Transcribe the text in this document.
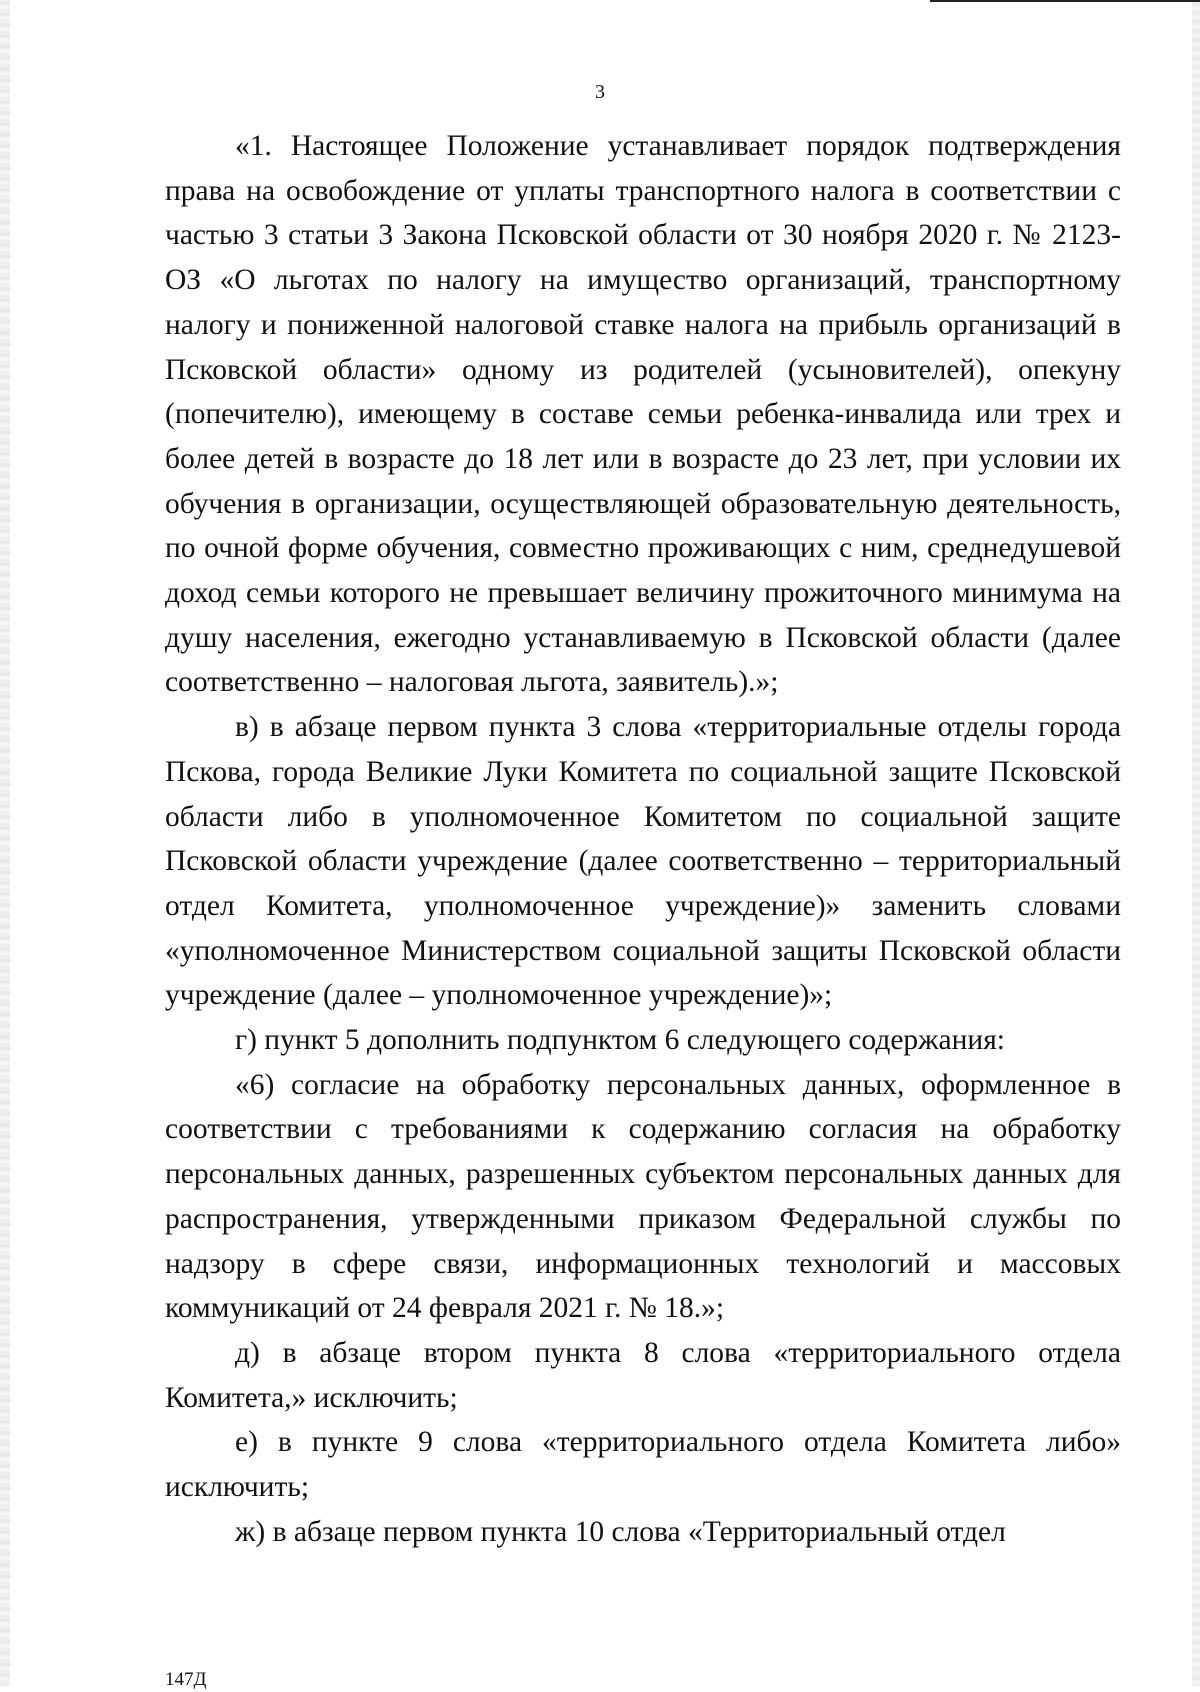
3

«1. Настоящее Положение устанавливает порядок подтверждения права на освобождение от уплаты транспортного налога в соответствии с частью 3 статьи 3 Закона Псковской области от 30 ноября 2020 г. № 2123-ОЗ «О льготах по налогу на имущество организаций, транспортному налогу и пониженной налоговой ставке налога на прибыль организаций в Псковской области» одному из родителей (усыновителей), опекуну (попечителю), имеющему в составе семьи ребенка-инвалида или трех и более детей в возрасте до 18 лет или в возрасте до 23 лет, при условии их обучения в организации, осуществляющей образовательную деятельность, по очной форме обучения, совместно проживающих с ним, среднедушевой доход семьи которого не превышает величину прожиточного минимума на душу населения, ежегодно устанавливаемую в Псковской области (далее соответственно – налоговая льгота, заявитель).»;

в) в абзаце первом пункта 3 слова «территориальные отделы города Пскова, города Великие Луки Комитета по социальной защите Псковской области либо в уполномоченное Комитетом по социальной защите Псковской области учреждение (далее соответственно – территориальный отдел Комитета, уполномоченное учреждение)» заменить словами «уполномоченное Министерством социальной защиты Псковской области учреждение (далее – уполномоченное учреждение)»;

г) пункт 5 дополнить подпунктом 6 следующего содержания:

«6) согласие на обработку персональных данных, оформленное в соответствии с требованиями к содержанию согласия на обработку персональных данных, разрешенных субъектом персональных данных для распространения, утвержденными приказом Федеральной службы по надзору в сфере связи, информационных технологий и массовых коммуникаций от 24 февраля 2021 г. № 18.»;

д) в абзаце втором пункта 8 слова «территориального отдела Комитета,» исключить;

е) в пункте 9 слова «территориального отдела Комитета либо» исключить;

ж) в абзаце первом пункта 10 слова «Территориальный отдел

147Д
